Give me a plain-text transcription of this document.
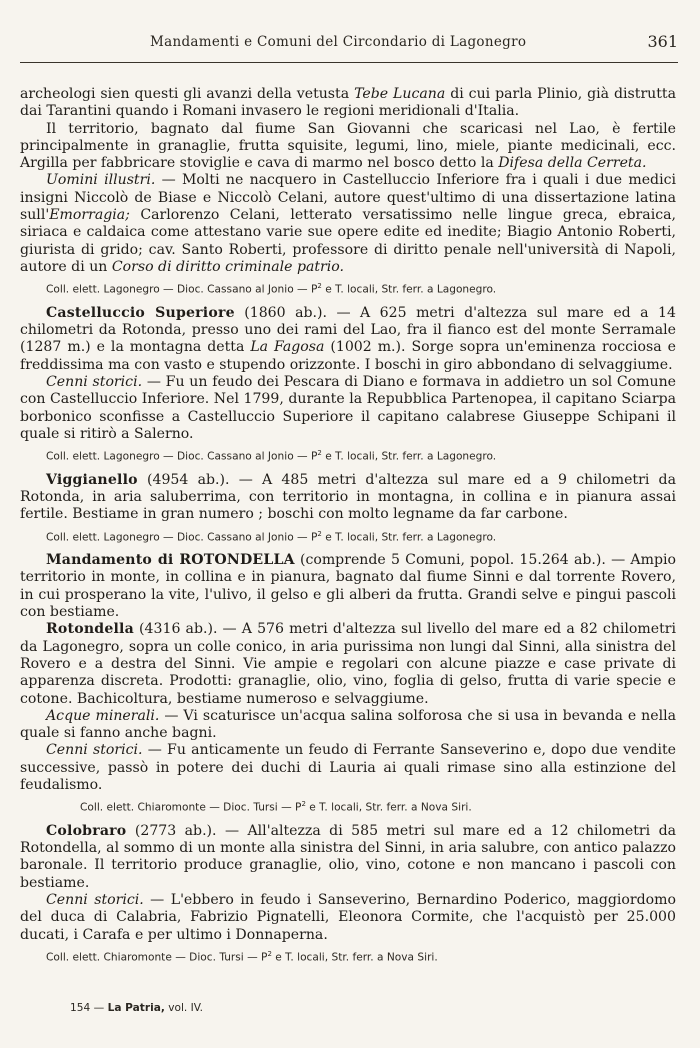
Mandamenti e Comuni del Circondario di Lagonegro	361

archeologi sien questi gli avanzi della vetusta Tebe Lucana di cui parla Plinio, già distrutta dai Tarantini quando i Romani invasero le regioni meridionali d'Italia.

Il territorio, bagnato dal fiume San Giovanni che scaricasi nel Lao, è fertile principalmente in granaglie, frutta squisite, legumi, lino, miele, piante medicinali, ecc. Argilla per fabbricare stoviglie e cava di marmo nel bosco detto la Difesa della Cerreta.

Uomini illustri. — Molti ne nacquero in Castelluccio Inferiore fra i quali i due medici insigni Niccolò de Biase e Niccolò Celani, autore quest'ultimo di una dissertazione latina sull'Emorragia; Carlorenzo Celani, letterato versatissimo nelle lingue greca, ebraica, siriaca e caldaica come attestano varie sue opere edite ed inedite; Biagio Antonio Roberti, giurista di grido; cav. Santo Roberti, professore di diritto penale nell'università di Napoli, autore di un Corso di diritto criminale patrio.

Coll. elett. Lagonegro — Dioc. Cassano al Jonio — $P^2$ e T. locali, Str. ferr. a Lagonegro.

Castelluccio Superiore (1860 ab.). — A 625 metri d'altezza sul mare ed a 14 chilometri da Rotonda, presso uno dei rami del Lao, fra il fianco est del monte Serramale (1287 m.) e la montagna detta La Fagosa (1002 m.). Sorge sopra un'eminenza rocciosa e freddissima ma con vasto e stupendo orizzonte. I boschi in giro abbondano di selvaggiume.

Cenni storici. — Fu un feudo dei Pescara di Diano e formava in addietro un sol Comune con Castelluccio Inferiore. Nel 1799, durante la Repubblica Partenopea, il capitano Sciarpa borbonico sconfisse a Castelluccio Superiore il capitano calabrese Giuseppe Schipani il quale si ritirò a Salerno.

Coll. elett. Lagonegro — Dioc. Cassano al Jonio — $P^2$ e T. locali, Str. ferr. a Lagonegro.

Viggianello (4954 ab.). — A 485 metri d'altezza sul mare ed a 9 chilometri da Rotonda, in aria saluberrima, con territorio in montagna, in collina e in pianura assai fertile. Bestiame in gran numero ; boschi con molto legname da far carbone.

Coll. elett. Lagonegro — Dioc. Cassano al Jonio — $P^2$ e T. locali, Str. ferr. a Lagonegro.

Mandamento di ROTONDELLA (comprende 5 Comuni, popol. 15.264 ab.). — Ampio territorio in monte, in collina e in pianura, bagnato dal fiume Sinni e dal torrente Rovero, in cui prosperano la vite, l'ulivo, il gelso e gli alberi da frutta. Grandi selve e pingui pascoli con bestiame.

Rotondella (4316 ab.). — A 576 metri d'altezza sul livello del mare ed a 82 chilometri da Lagonegro, sopra un colle conico, in aria purissima non lungi dal Sinni, alla sinistra del Rovero e a destra del Sinni. Vie ampie e regolari con alcune piazze e case private di apparenza discreta. Prodotti: granaglie, olio, vino, foglia di gelso, frutta di varie specie e cotone. Bachicoltura, bestiame numeroso e selvaggiume.

Acque minerali. — Vi scaturisce un'acqua salina solforosa che si usa in bevanda e nella quale si fanno anche bagni.

Cenni storici. — Fu anticamente un feudo di Ferrante Sanseverino e, dopo due vendite successive, passò in potere dei duchi di Lauria ai quali rimase sino alla estinzione del feudalismo.

Coll. elett. Chiaromonte — Dioc. Tursi — $P^2$ e T. locali, Str. ferr. a Nova Siri.

Colobraro (2773 ab.). — All'altezza di 585 metri sul mare ed a 12 chilometri da Rotondella, al sommo di un monte alla sinistra del Sinni, in aria salubre, con antico palazzo baronale. Il territorio produce granaglie, olio, vino, cotone e non mancano i pascoli con bestiame.

Cenni storici. — L'ebbero in feudo i Sanseverino, Bernardino Poderico, maggiordomo del duca di Calabria, Fabrizio Pignatelli, Eleonora Cormite, che l'acquistò per 25.000 ducati, i Carafa e per ultimo i Donnaperna.

Coll. elett. Chiaromonte — Dioc. Tursi — $P^2$ e T. locali, Str. ferr. a Nova Siri.

154 — La Patria, vol. IV.
